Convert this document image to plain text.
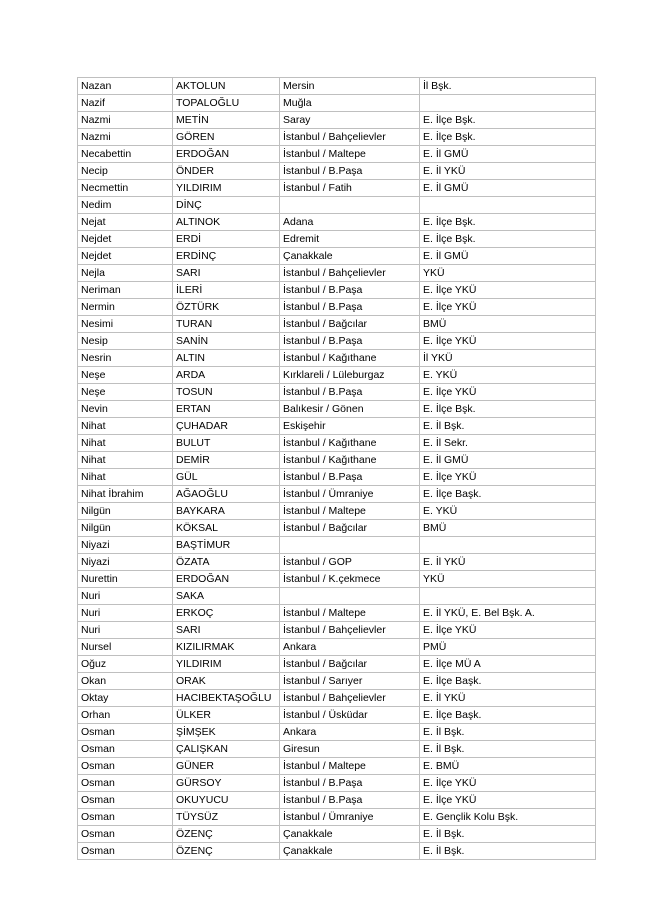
Nazan	AKTOLUN	Mersin	İl Bşk.
Nazif	TOPALOĞLU	Muğla	
Nazmi	METİN	Saray	E. İlçe Bşk.
Nazmi	GÖREN	İstanbul / Bahçelievler	E. İlçe Bşk.
Necabettin	ERDOĞAN	İstanbul / Maltepe	E. İl GMÜ
Necip	ÖNDER	İstanbul / B.Paşa	E. İl YKÜ
Necmettin	YILDIRIM	İstanbul / Fatih	E. İl GMÜ
Nedim	DİNÇ		
Nejat	ALTINOK	Adana	E. İlçe Bşk.
Nejdet	ERDİ	Edremit	E. İlçe Bşk.
Nejdet	ERDİNÇ	Çanakkale	E. İl GMÜ
Nejla	SARI	İstanbul / Bahçelievler	YKÜ
Neriman	İLERİ	İstanbul / B.Paşa	E. İlçe YKÜ
Nermin	ÖZTÜRK	İstanbul / B.Paşa	E. İlçe YKÜ
Nesimi	TURAN	İstanbul / Bağcılar	BMÜ
Nesip	SANİN	İstanbul / B.Paşa	E. İlçe YKÜ
Nesrin	ALTIN	İstanbul / Kağıthane	İl YKÜ
Neşe	ARDA	Kırklareli / Lüleburgaz	E. YKÜ
Neşe	TOSUN	İstanbul / B.Paşa	E. İlçe YKÜ
Nevin	ERTAN	Balıkesir / Gönen	E. İlçe Bşk.
Nihat	ÇUHADAR	Eskişehir	E. İl Bşk.
Nihat	BULUT	İstanbul / Kağıthane	E. İl Sekr.
Nihat	DEMİR	İstanbul / Kağıthane	E. İl GMÜ
Nihat	GÜL	İstanbul / B.Paşa	E. İlçe YKÜ
Nihat İbrahim	AĞAOĞLU	İstanbul / Ümraniye	E. İlçe Başk.
Nilgün	BAYKARA	İstanbul / Maltepe	E. YKÜ
Nilgün	KÖKSAL	İstanbul / Bağcılar	BMÜ
Niyazi	BAŞTİMUR		
Niyazi	ÖZATA	İstanbul / GOP	E. İl YKÜ
Nurettin	ERDOĞAN	İstanbul / K.çekmece	YKÜ
Nuri	SAKA		
Nuri	ERKOÇ	İstanbul / Maltepe	E. İl YKÜ, E. Bel Bşk. A.
Nuri	SARI	İstanbul / Bahçelievler	E. İlçe YKÜ
Nursel	KIZILIRMAK	Ankara	PMÜ
Oğuz	YILDIRIM	İstanbul / Bağcılar	E. İlçe MÜ A
Okan	ORAK	İstanbul / Sarıyer	E. İlçe Başk.
Oktay	HACIBEKTAŞOĞLU	İstanbul / Bahçelievler	E. İl YKÜ
Orhan	ÜLKER	İstanbul / Üsküdar	E. İlçe Başk.
Osman	ŞİMŞEK	Ankara	E. İl Bşk.
Osman	ÇALIŞKAN	Giresun	E. İl Bşk.
Osman	GÜNER	İstanbul / Maltepe	E. BMÜ
Osman	GÜRSOY	İstanbul / B.Paşa	E. İlçe YKÜ
Osman	OKUYUCU	İstanbul / B.Paşa	E. İlçe YKÜ
Osman	TÜYSÜZ	İstanbul / Ümraniye	E. Gençlik Kolu Bşk.
Osman	ÖZENÇ	Çanakkale	E. İl Bşk.
Osman	ÖZENÇ	Çanakkale	E. İl Bşk.
